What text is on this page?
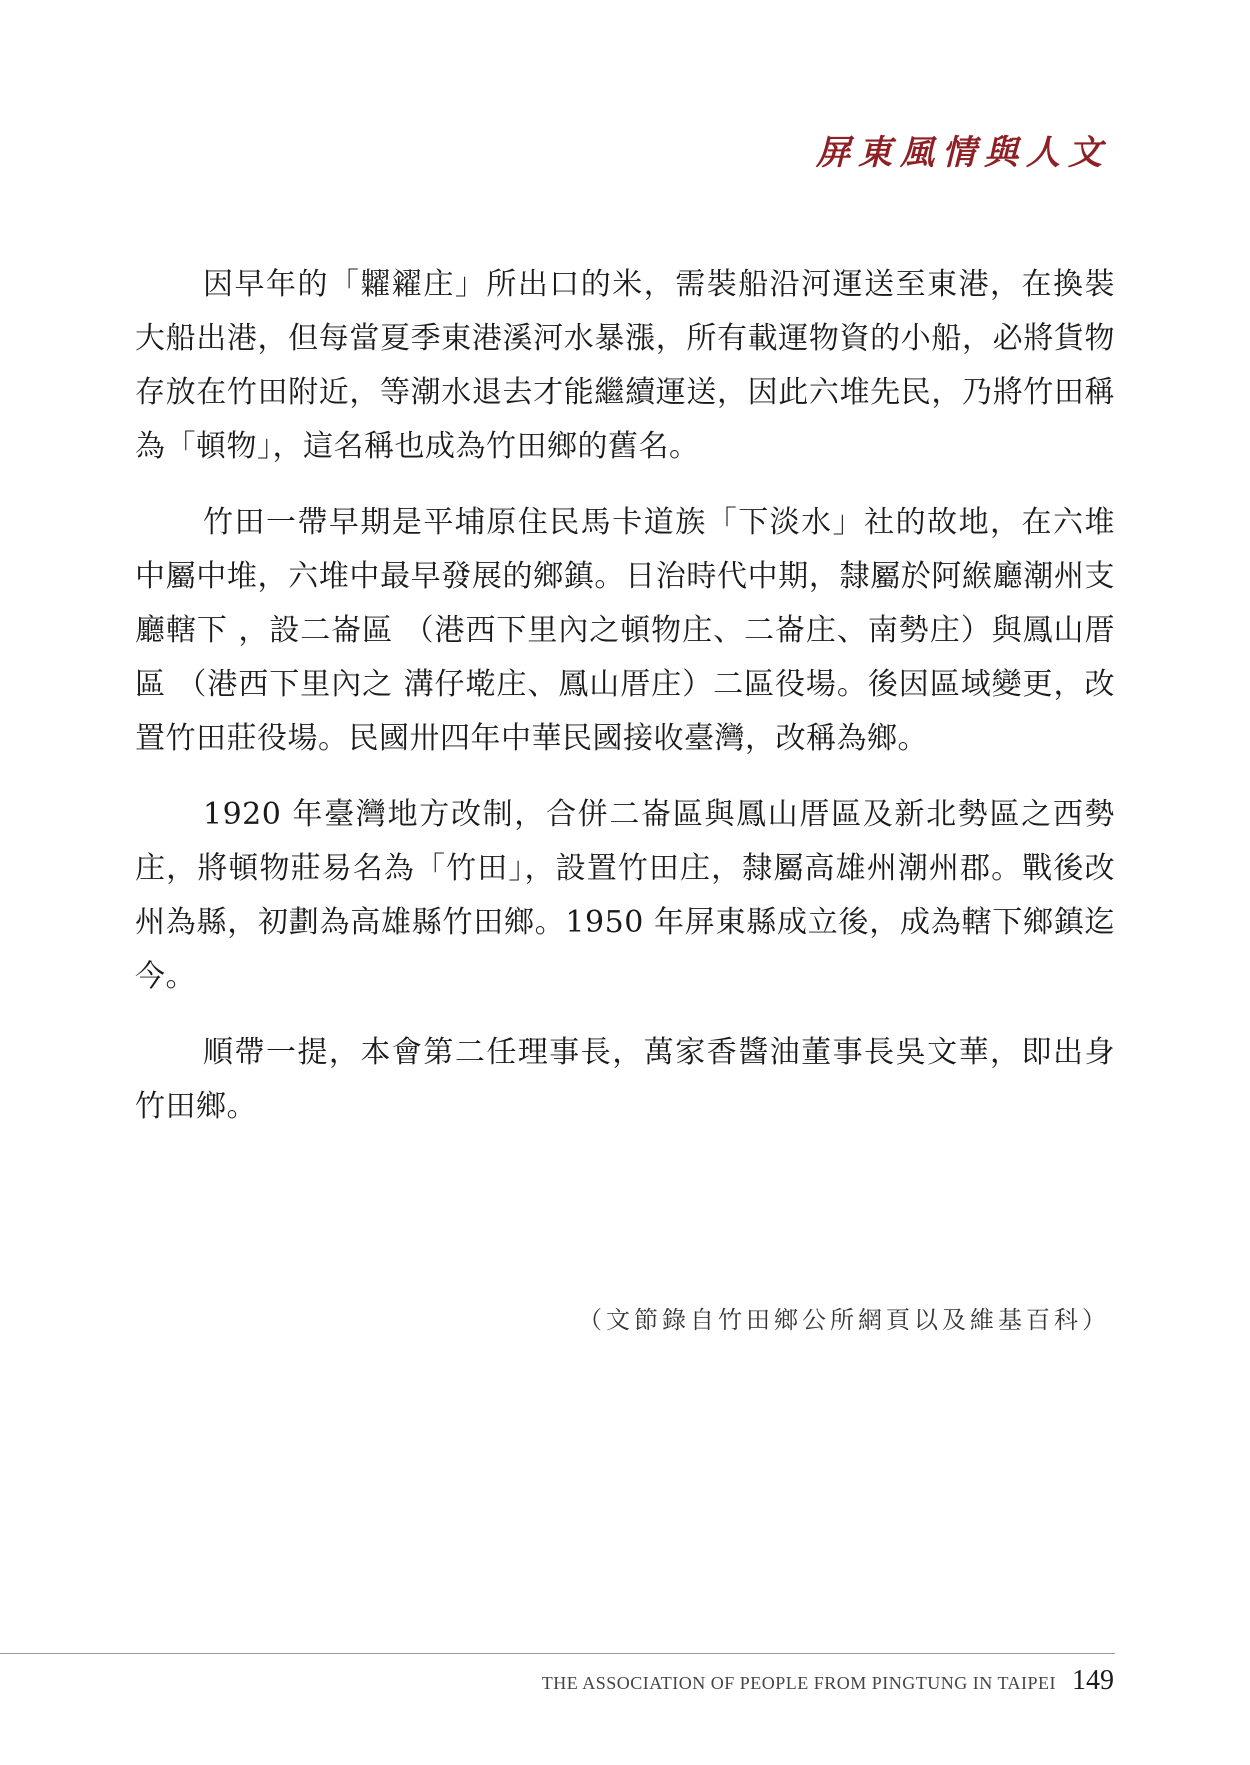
屏東風情與人文

因早年的「糶糴庄」所出口的米，需裝船沿河運送至東港，在換裝大船出港，但每當夏季東港溪河水暴漲，所有載運物資的小船，必將貨物存放在竹田附近，等潮水退去才能繼續運送，因此六堆先民，乃將竹田稱為「頓物」，這名稱也成為竹田鄉的舊名。

竹田一帶早期是平埔原住民馬卡道族「下淡水」社的故地，在六堆中屬中堆，六堆中最早發展的鄉鎮。日治時代中期，隸屬於阿緱廳潮州支廳轄下 ，設二崙區 （港西下里內之頓物庄、二崙庄、南勢庄）與鳳山厝區 （港西下里內之 溝仔墘庄、鳳山厝庄）二區役場。後因區域變更，改置竹田莊役場。民國卅四年中華民國接收臺灣，改稱為鄉。

1920 年臺灣地方改制，合併二崙區與鳳山厝區及新北勢區之西勢庄，將頓物莊易名為「竹田」，設置竹田庄，隸屬高雄州潮州郡。戰後改州為縣，初劃為高雄縣竹田鄉。1950 年屏東縣成立後，成為轄下鄉鎮迄今。

順帶一提，本會第二任理事長，萬家香醬油董事長吳文華，即出身竹田鄉。

（文節錄自竹田鄉公所網頁以及維基百科）
THE ASSOCIATION OF PEOPLE FROM PINGTUNG IN TAIPEI 149
